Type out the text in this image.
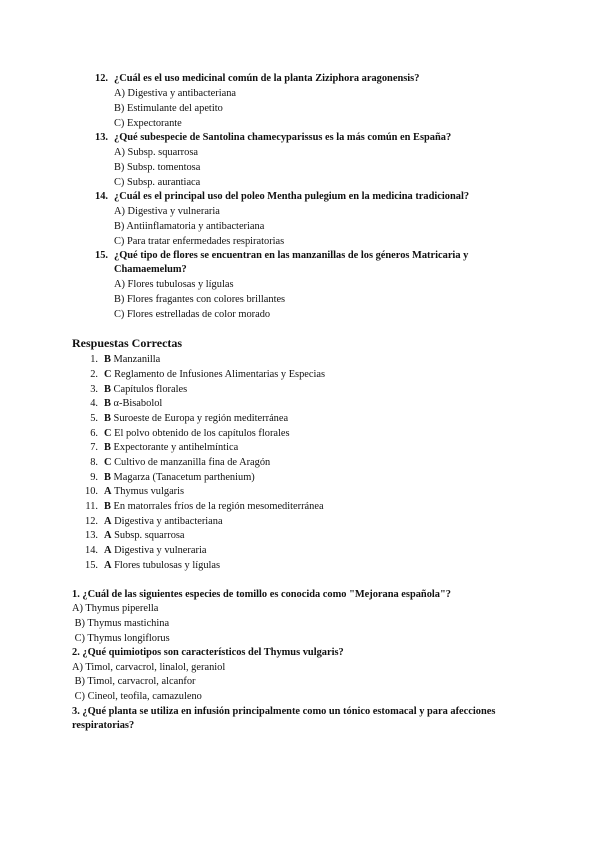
12. ¿Cuál es el uso medicinal común de la planta Ziziphora aragonensis?
A) Digestiva y antibacteriana
B) Estimulante del apetito
C) Expectorante
13. ¿Qué subespecie de Santolina chamecyparissus es la más común en España?
A) Subsp. squarrosa
B) Subsp. tomentosa
C) Subsp. aurantiaca
14. ¿Cuál es el principal uso del poleo Mentha pulegium en la medicina tradicional?
A) Digestiva y vulneraria
B) Antiinflamatoria y antibacteriana
C) Para tratar enfermedades respiratorias
15. ¿Qué tipo de flores se encuentran en las manzanillas de los géneros Matricaria y
Chamaemelum?
A) Flores tubulosas y lígulas
B) Flores fragantes con colores brillantes
C) Flores estrelladas de color morado
Respuestas Correctas
1. B Manzanilla
2. C Reglamento de Infusiones Alimentarias y Especias
3. B Capítulos florales
4. B α-Bisabolol
5. B Suroeste de Europa y región mediterránea
6. C El polvo obtenido de los capítulos florales
7. B Expectorante y antihelmíntica
8. C Cultivo de manzanilla fina de Aragón
9. B Magarza (Tanacetum parthenium)
10. A Thymus vulgaris
11. B En matorrales fríos de la región mesomediterránea
12. A Digestiva y antibacteriana
13. A Subsp. squarrosa
14. A Digestiva y vulneraria
15. A Flores tubulosas y lígulas
1. ¿Cuál de las siguientes especies de tomillo es conocida como "Mejorana española"?
A) Thymus piperella
B) Thymus mastichina
C) Thymus longiflorus
2. ¿Qué quimiotipos son característicos del Thymus vulgaris?
A) Timol, carvacrol, linalol, geraniol
B) Timol, carvacrol, alcanfor
C) Cineol, teofila, camazuleno
3. ¿Qué planta se utiliza en infusión principalmente como un tónico estomacal y para afecciones
respiratorias?
